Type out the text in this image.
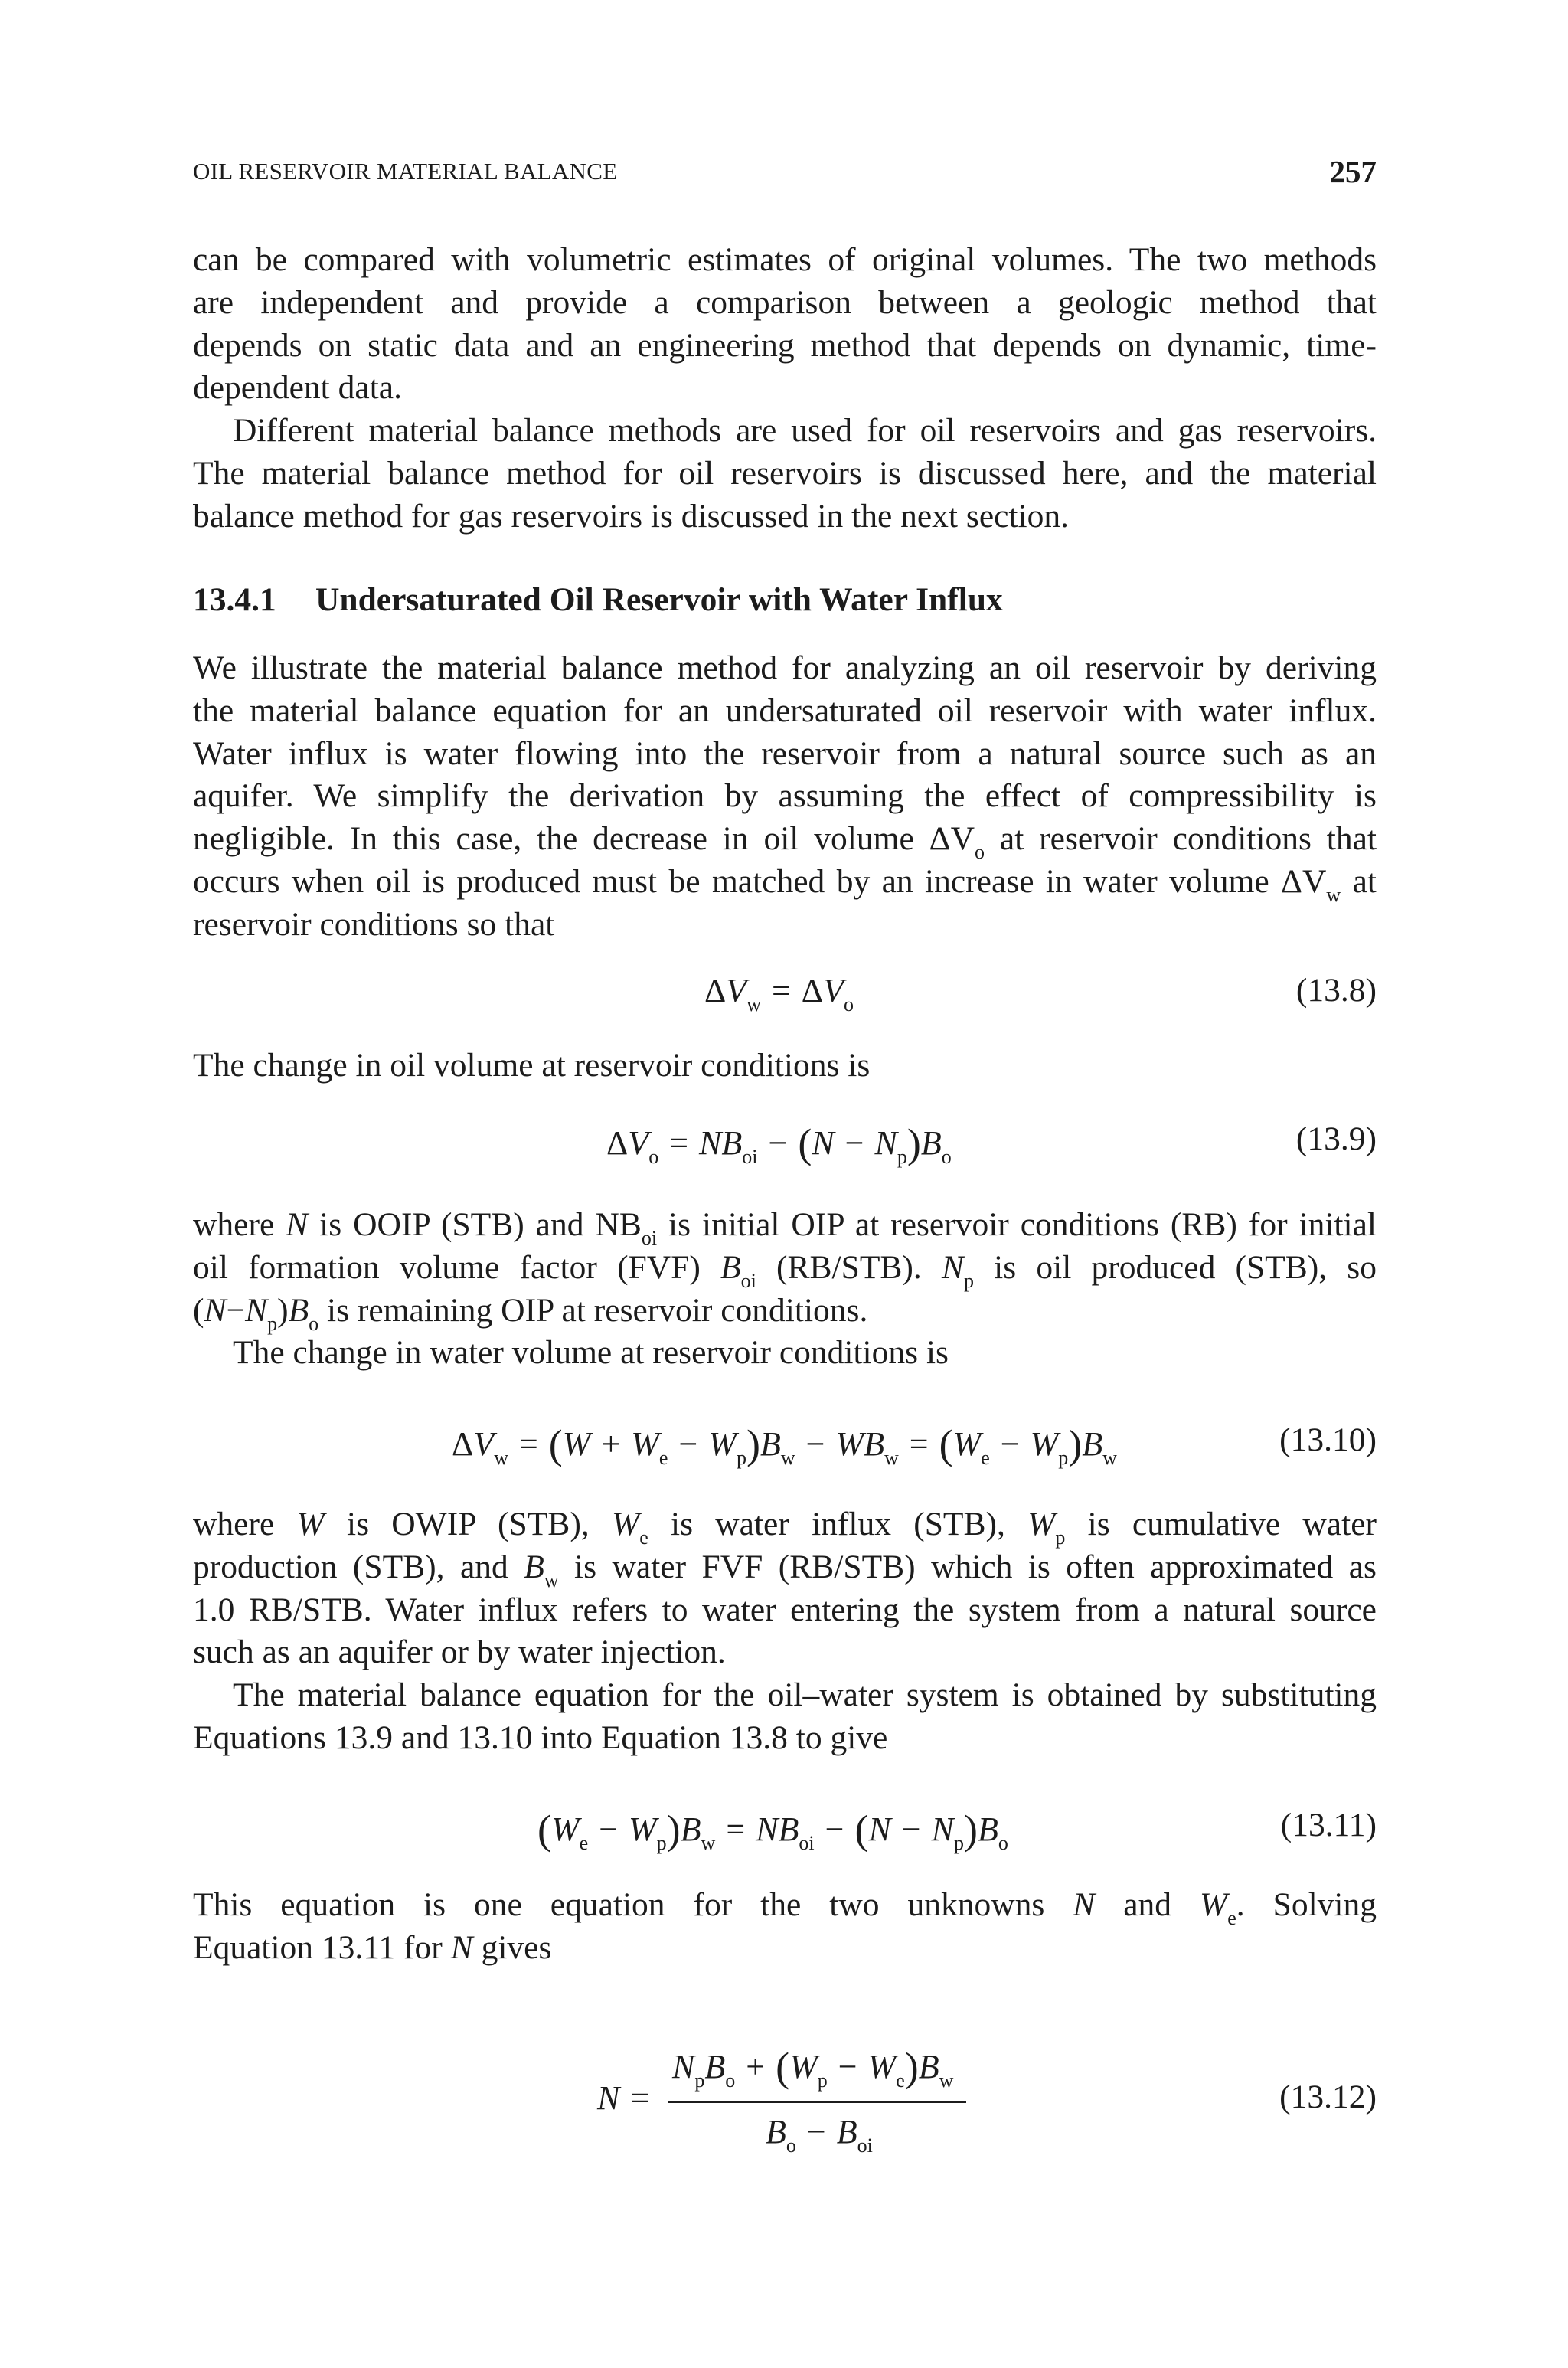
OIL RESERVOIR MATERIAL BALANCE	257
can be compared with volumetric estimates of original volumes. The two methods
are independent and provide a comparison between a geologic method that
depends on static data and an engineering method that depends on dynamic, time-
dependent data.
Different material balance methods are used for oil reservoirs and gas reservoirs.
The material balance method for oil reservoirs is discussed here, and the material
balance method for gas reservoirs is discussed in the next section.
13.4.1 Undersaturated Oil Reservoir with Water Influx
We illustrate the material balance method for analyzing an oil reservoir by deriving
the material balance equation for an undersaturated oil reservoir with water influx.
Water influx is water flowing into the reservoir from a natural source such as an
aquifer. We simplify the derivation by assuming the effect of compressibility is
negligible. In this case, the decrease in oil volume $\Delta V_o$ at reservoir conditions that
occurs when oil is produced must be matched by an increase in water volume $\Delta V_w$ at
reservoir conditions so that
$\Delta V_w = \Delta V_o$	(13.8)
The change in oil volume at reservoir conditions is
$\Delta V_o = NB_{oi} - (N - N_p)B_o$	(13.9)
where N is OOIP (STB) and $NB_{oi}$ is initial OIP at reservoir conditions (RB) for initial
oil formation volume factor (FVF) $B_{oi}$ (RB/STB). $N_p$ is oil produced (STB), so
$(N-N_p)B_o$ is remaining OIP at reservoir conditions.
The change in water volume at reservoir conditions is
$\Delta V_w = (W + W_e - W_p)B_w - WB_w = (W_e - W_p)B_w$	(13.10)
where W is OWIP (STB), $W_e$ is water influx (STB), $W_p$ is cumulative water
production (STB), and $B_w$ is water FVF (RB/STB) which is often approximated as
1.0 RB/STB. Water influx refers to water entering the system from a natural source
such as an aquifer or by water injection.
The material balance equation for the oil–water system is obtained by substituting
Equations 13.9 and 13.10 into Equation 13.8 to give
$(W_e - W_p)B_w = NB_{oi} - (N - N_p)B_o$	(13.11)
This equation is one equation for the two unknowns N and $W_e$. Solving
Equation 13.11 for N gives
N =
$N_pB_o + (W_p - W_e)B_w$
$B_o - B_{oi}$
(13.12)
